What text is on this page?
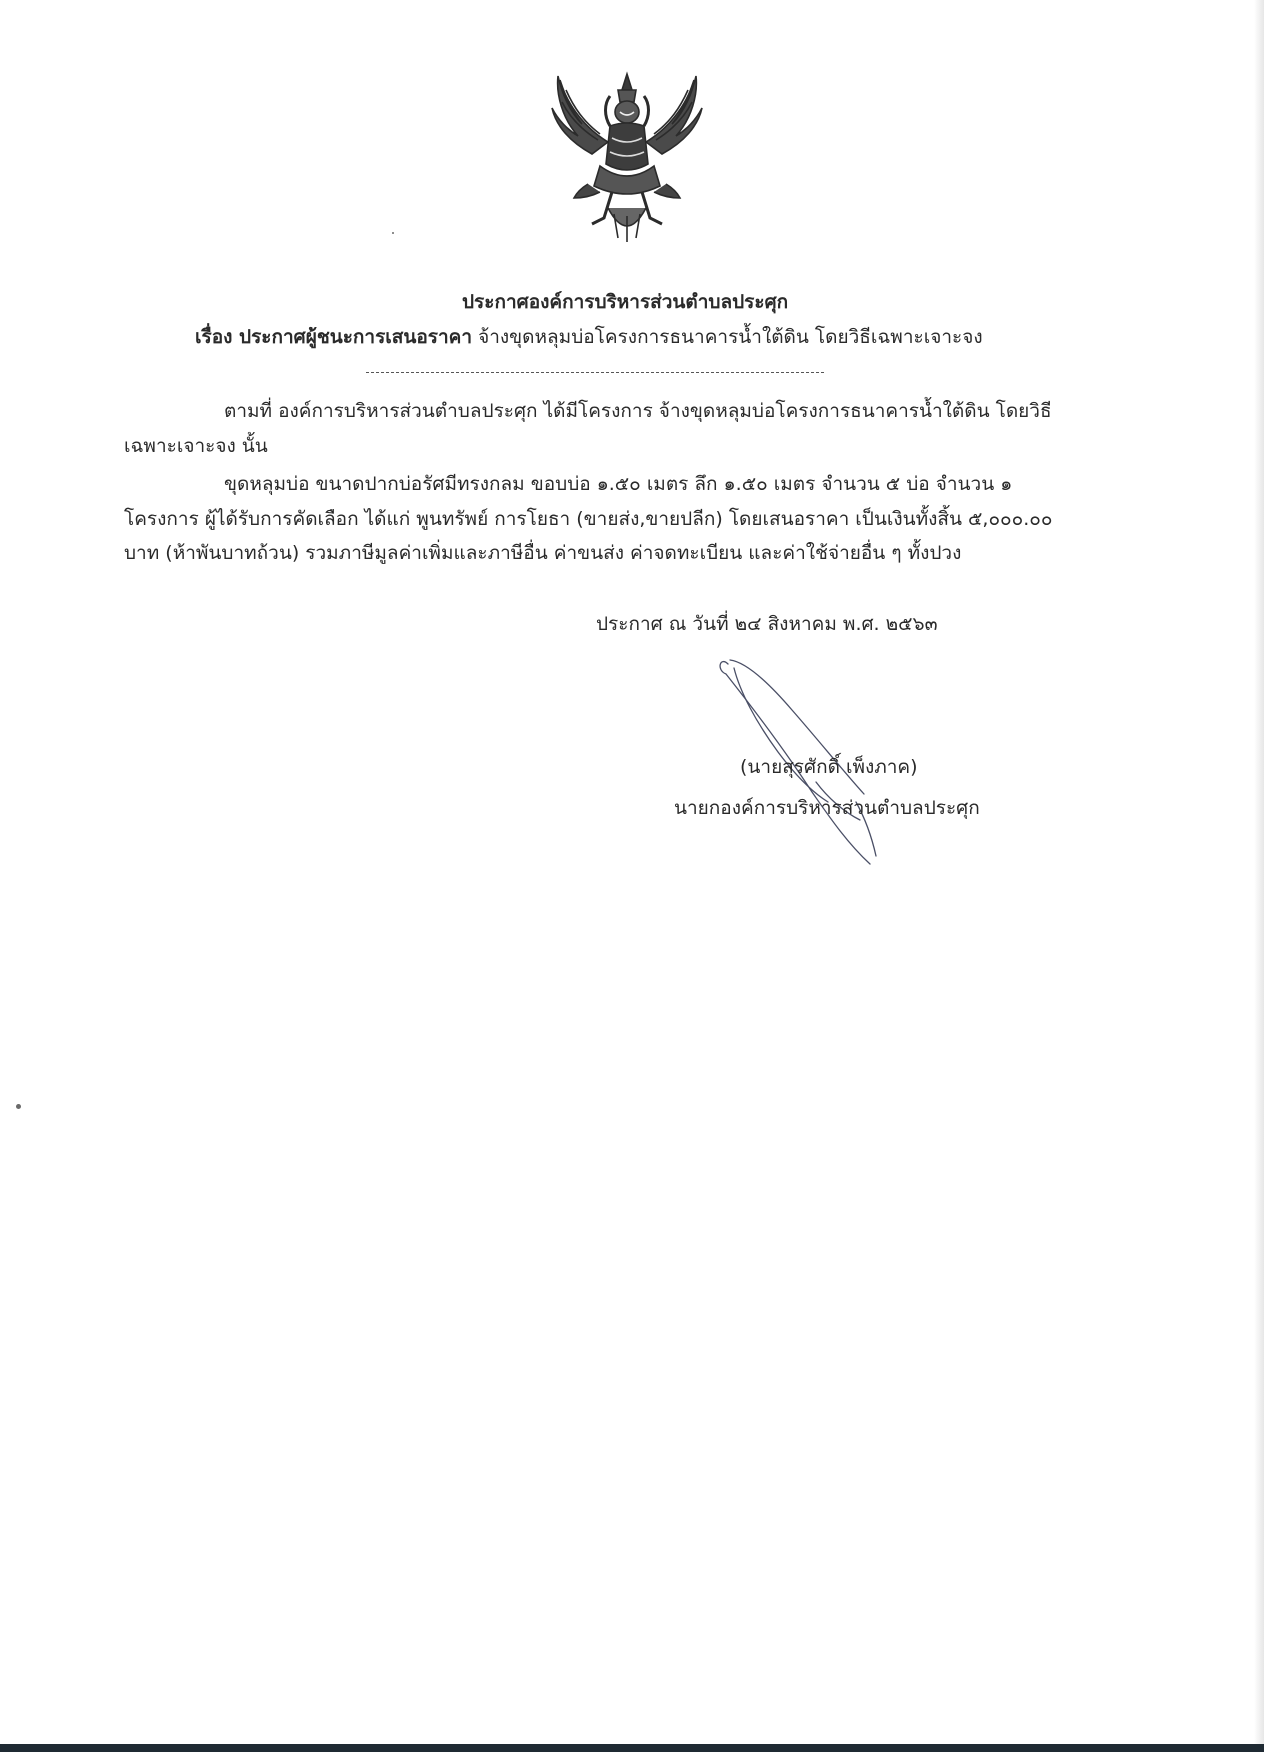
ประกาศองค์การบริหารส่วนตำบลประศุก
เรื่อง ประกาศผู้ชนะการเสนอราคา จ้างขุดหลุมบ่อโครงการธนาคารน้ำใต้ดิน โดยวิธีเฉพาะเจาะจง
ตามที่ องค์การบริหารส่วนตำบลประศุก ได้มีโครงการ จ้างขุดหลุมบ่อโครงการธนาคารน้ำใต้ดิน โดยวิธี
เฉพาะเจาะจง นั้น
ขุดหลุมบ่อ ขนาดปากบ่อรัศมีทรงกลม ขอบบ่อ ๑.๕๐ เมตร ลึก ๑.๕๐ เมตร จำนวน ๕ บ่อ จำนวน ๑
โครงการ ผู้ได้รับการคัดเลือก ได้แก่ พูนทรัพย์ การโยธา (ขายส่ง,ขายปลีก) โดยเสนอราคา เป็นเงินทั้งสิ้น ๕,๐๐๐.๐๐
บาท (ห้าพันบาทถ้วน) รวมภาษีมูลค่าเพิ่มและภาษีอื่น ค่าขนส่ง ค่าจดทะเบียน และค่าใช้จ่ายอื่น ๆ ทั้งปวง
ประกาศ ณ วันที่ ๒๔ สิงหาคม พ.ศ. ๒๕๖๓
(นายสุรศักดิ์ เพ็งภาค)
นายกองค์การบริหารส่วนตำบลประศุก
